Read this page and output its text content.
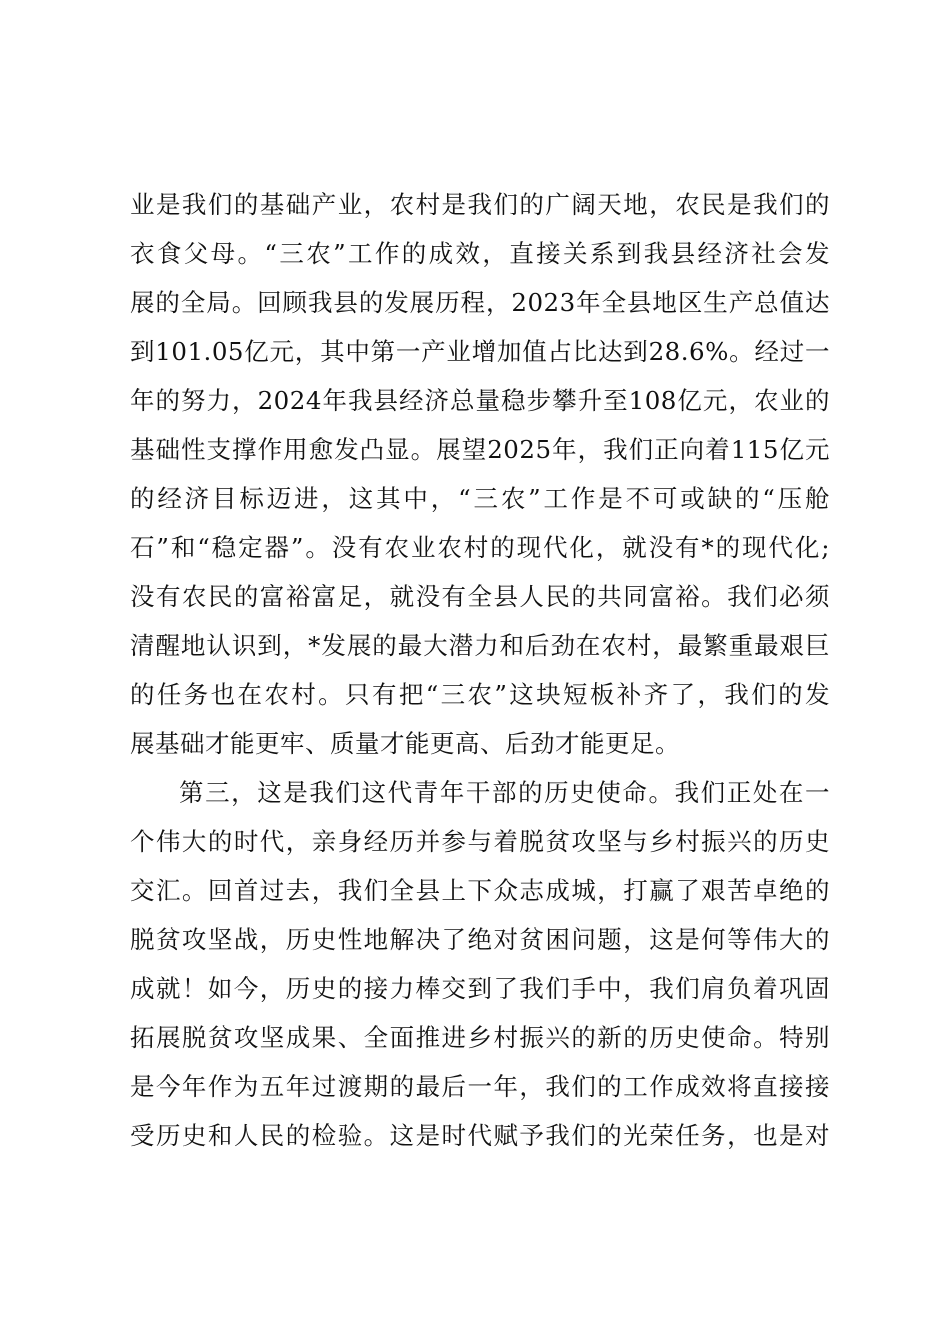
业是我们的基础产业，农村是我们的广阔天地，农民是我们的
衣食父母。“三农”工作的成效，直接关系到我县经济社会发
展的全局。回顾我县的发展历程，2023年全县地区生产总值达
到101.05亿元，其中第一产业增加值占比达到28.6%。经过一
年的努力，2024年我县经济总量稳步攀升至108亿元，农业的
基础性支撑作用愈发凸显。展望2025年，我们正向着115亿元
的经济目标迈进，这其中，“三农”工作是不可或缺的“压舱
石”和“稳定器”。没有农业农村的现代化，就没有*的现代化;
没有农民的富裕富足，就没有全县人民的共同富裕。我们必须
清醒地认识到，*发展的最大潜力和后劲在农村，最繁重最艰巨
的任务也在农村。只有把“三农”这块短板补齐了，我们的发
展基础才能更牢、质量才能更高、后劲才能更足。
第三，这是我们这代青年干部的历史使命。我们正处在一
个伟大的时代，亲身经历并参与着脱贫攻坚与乡村振兴的历史
交汇。回首过去，我们全县上下众志成城，打赢了艰苦卓绝的
脱贫攻坚战，历史性地解决了绝对贫困问题，这是何等伟大的
成就！如今，历史的接力棒交到了我们手中，我们肩负着巩固
拓展脱贫攻坚成果、全面推进乡村振兴的新的历史使命。特别
是今年作为五年过渡期的最后一年，我们的工作成效将直接接
受历史和人民的检验。这是时代赋予我们的光荣任务，也是对
